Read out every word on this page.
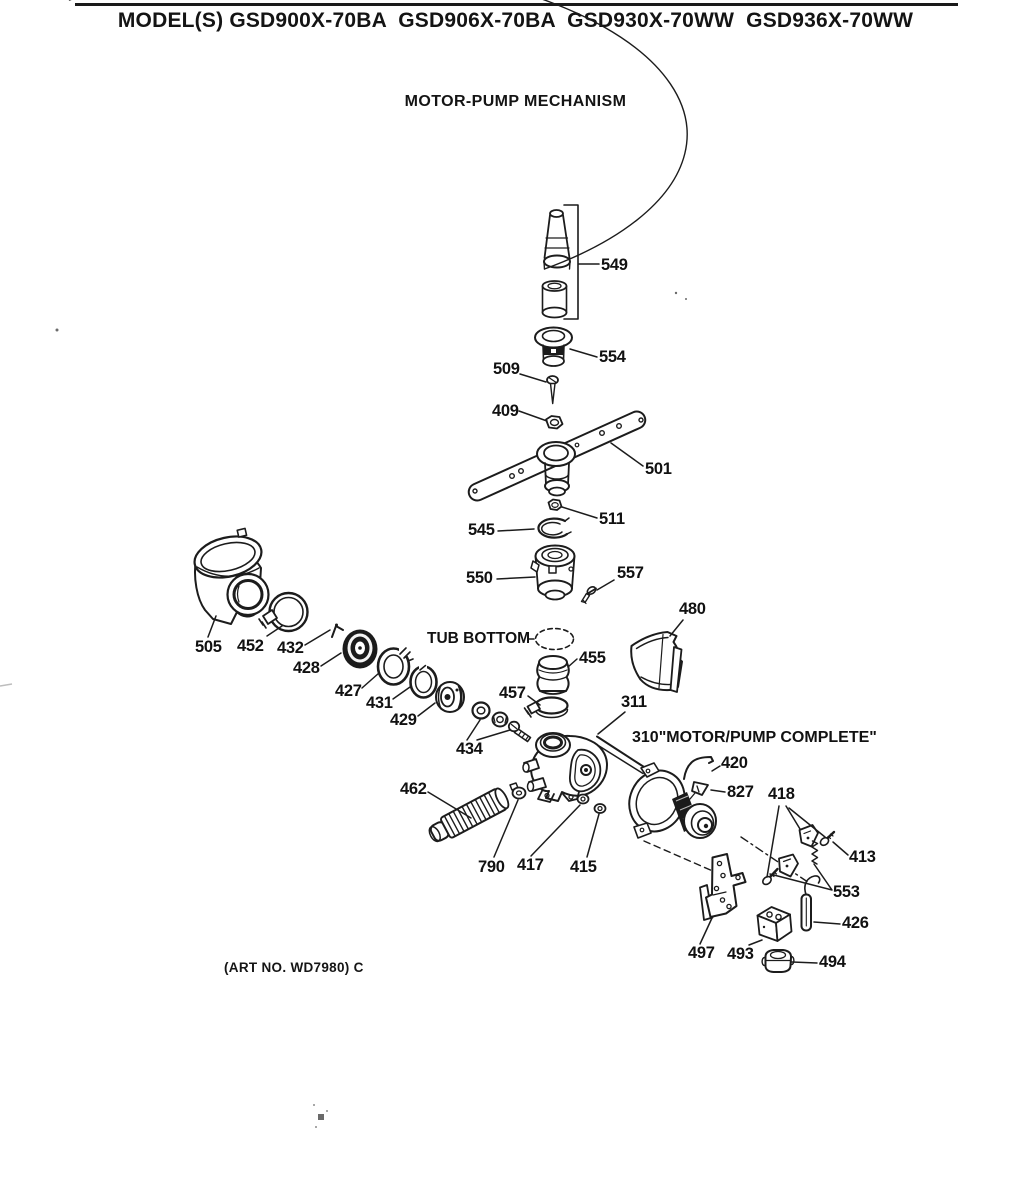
MODEL(S) GSD900X-70BA  GSD906X-70BA  GSD930X-70WW  GSD936X-70WW
MOTOR-PUMP MECHANISM
549
554
509
409
501
511
545
550	557
480
505 452 432
428
427
431
429
434
455
457	311
462
790 417 415
420
827 418
413
553
426
497 493	494
TUB BOTTOM
310"MOTOR/PUMP COMPLETE"
(ART NO. WD7980) C
